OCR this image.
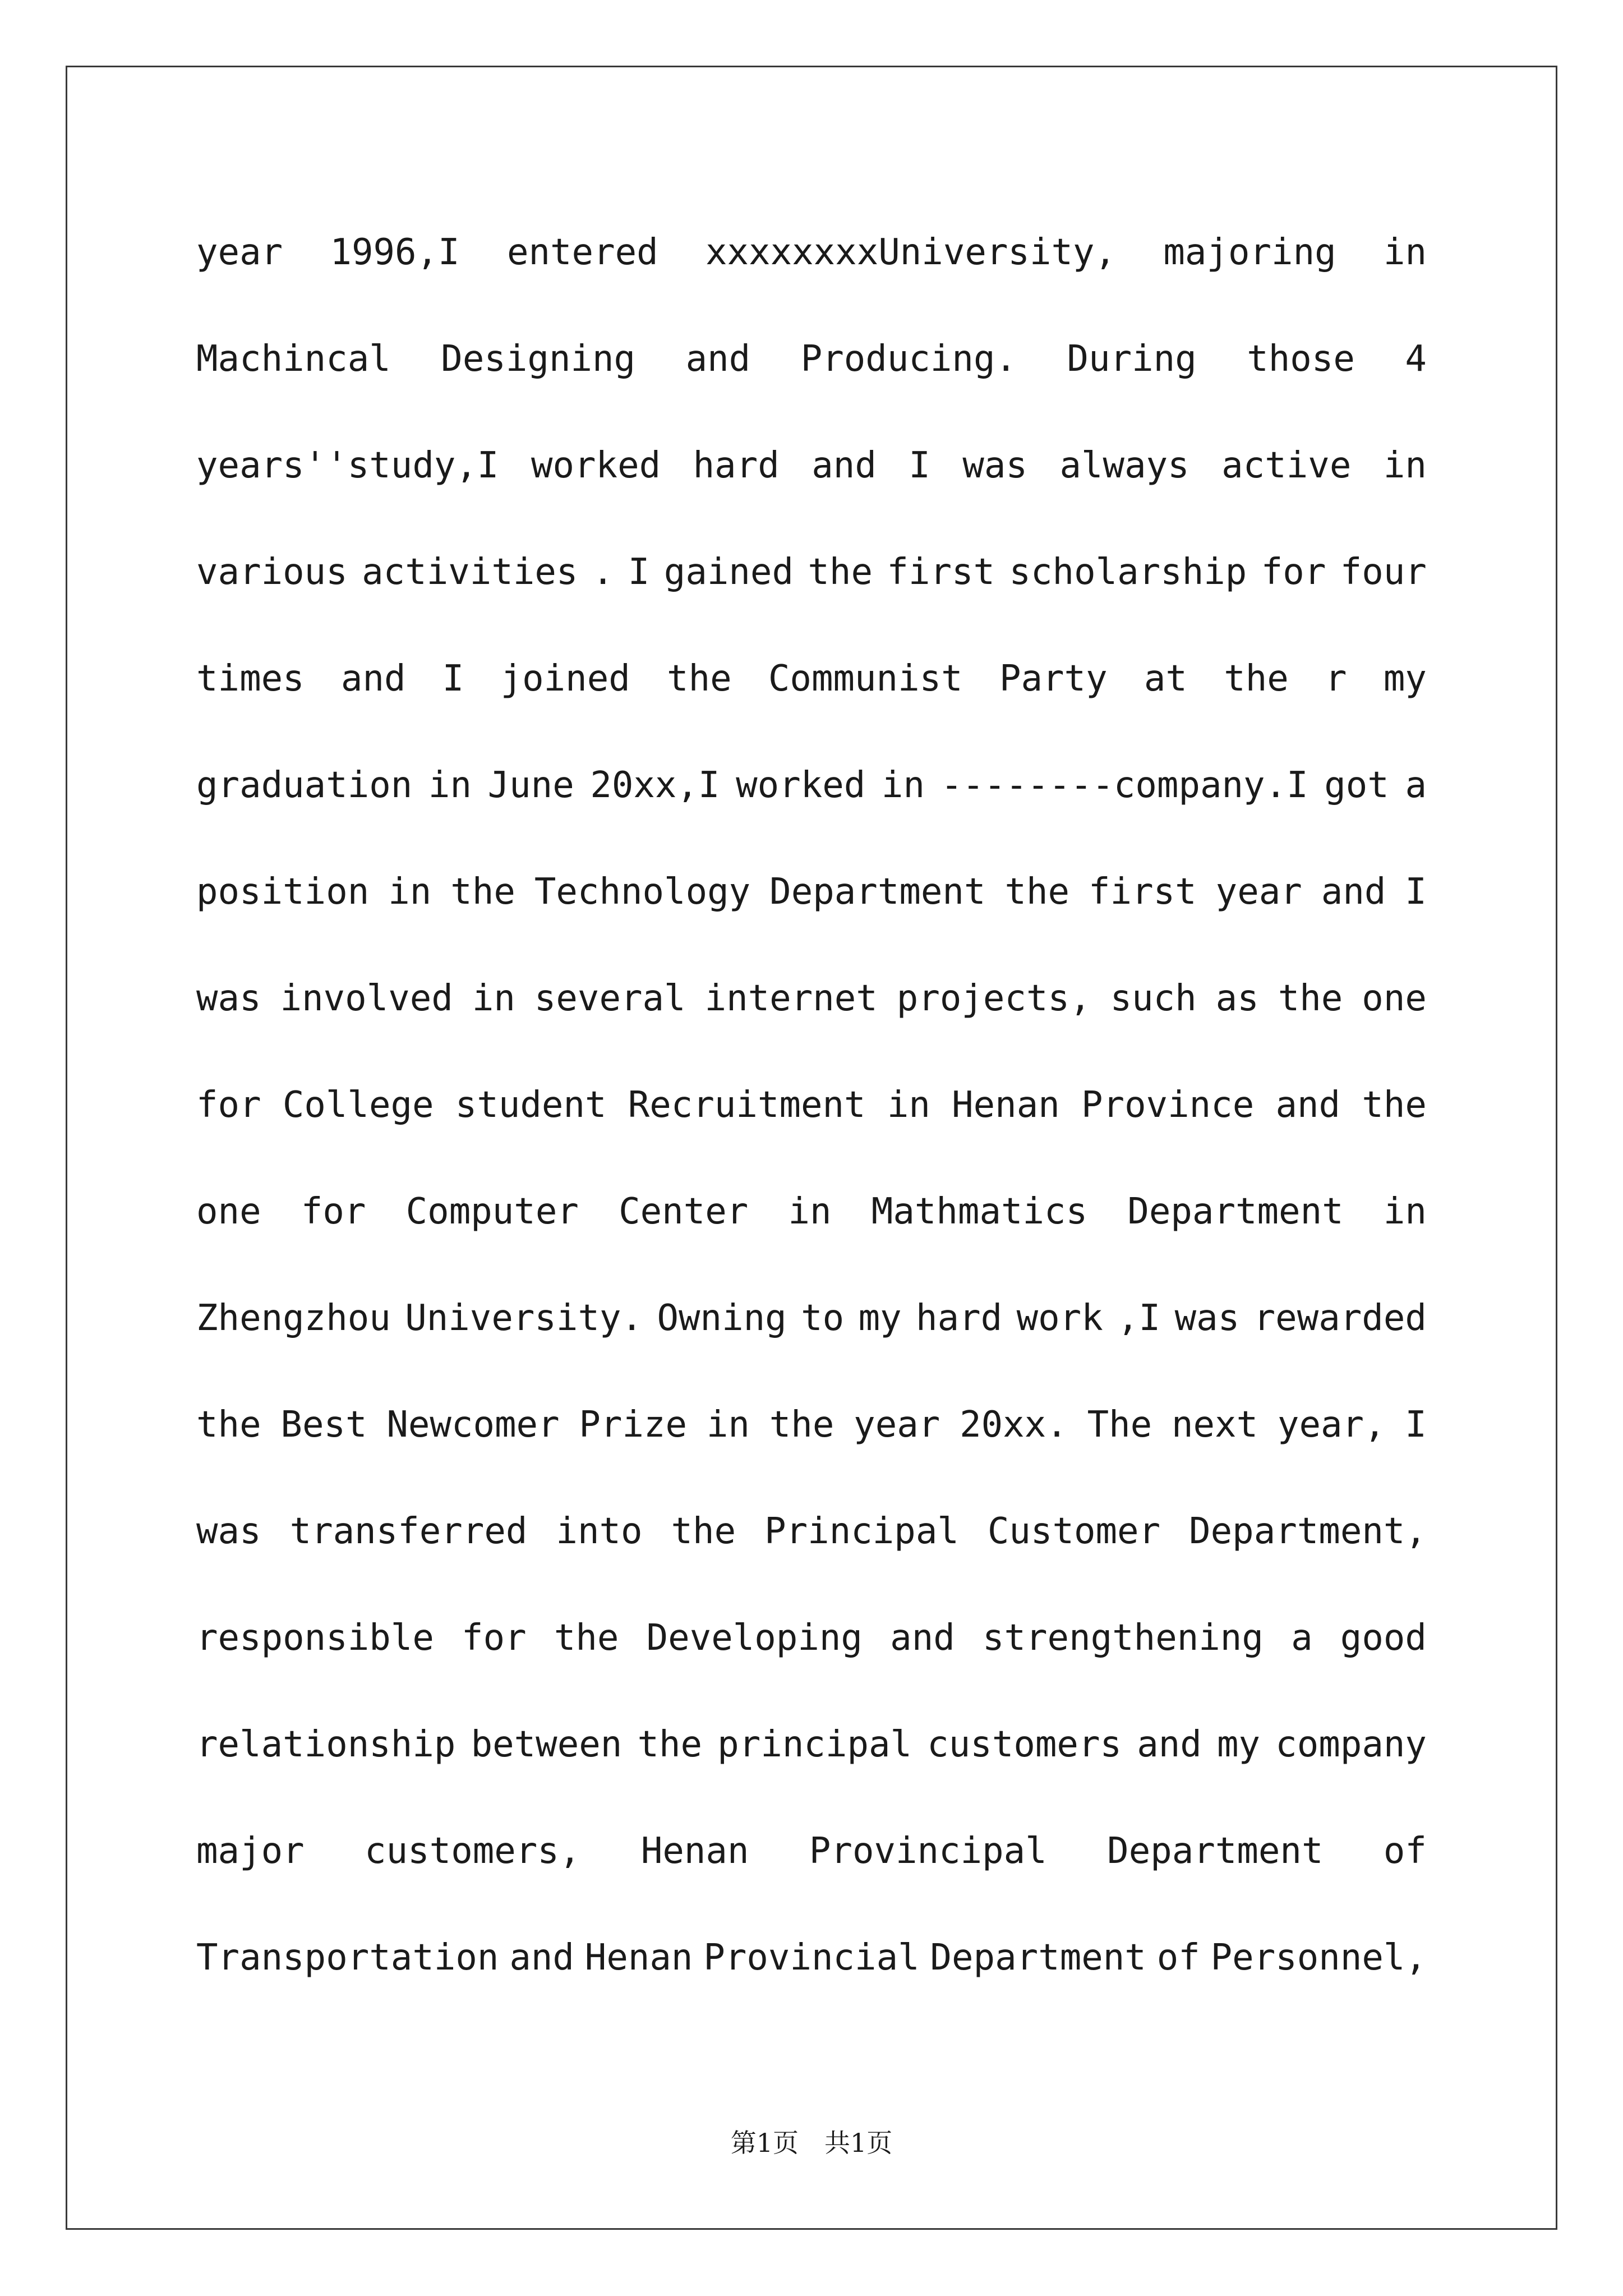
year 1996,I entered xxxxxxxxUniversity, majoring in
Machincal Designing and Producing. During those 4
years''study,I worked hard and I was always active in
various activities . I gained the first scholarship for four
times and I joined the Communist Party at the r my
graduation in June 20xx,I worked in --------company.I got a
position in the Technology Department the first year and I
was involved in several internet projects, such as the one
for College student Recruitment in Henan Province and the
one for Computer Center in Mathmatics Department in
Zhengzhou University. Owning to my hard work ,I was rewarded
the Best Newcomer Prize in the year 20xx. The next year, I
was transferred into the Principal Customer Department,
responsible for the Developing and strengthening a good
relationship between the principal customers and my company
major customers, Henan Provincipal Department of
Transportation and Henan Provincial Department of Personnel,
第1页　共1页
